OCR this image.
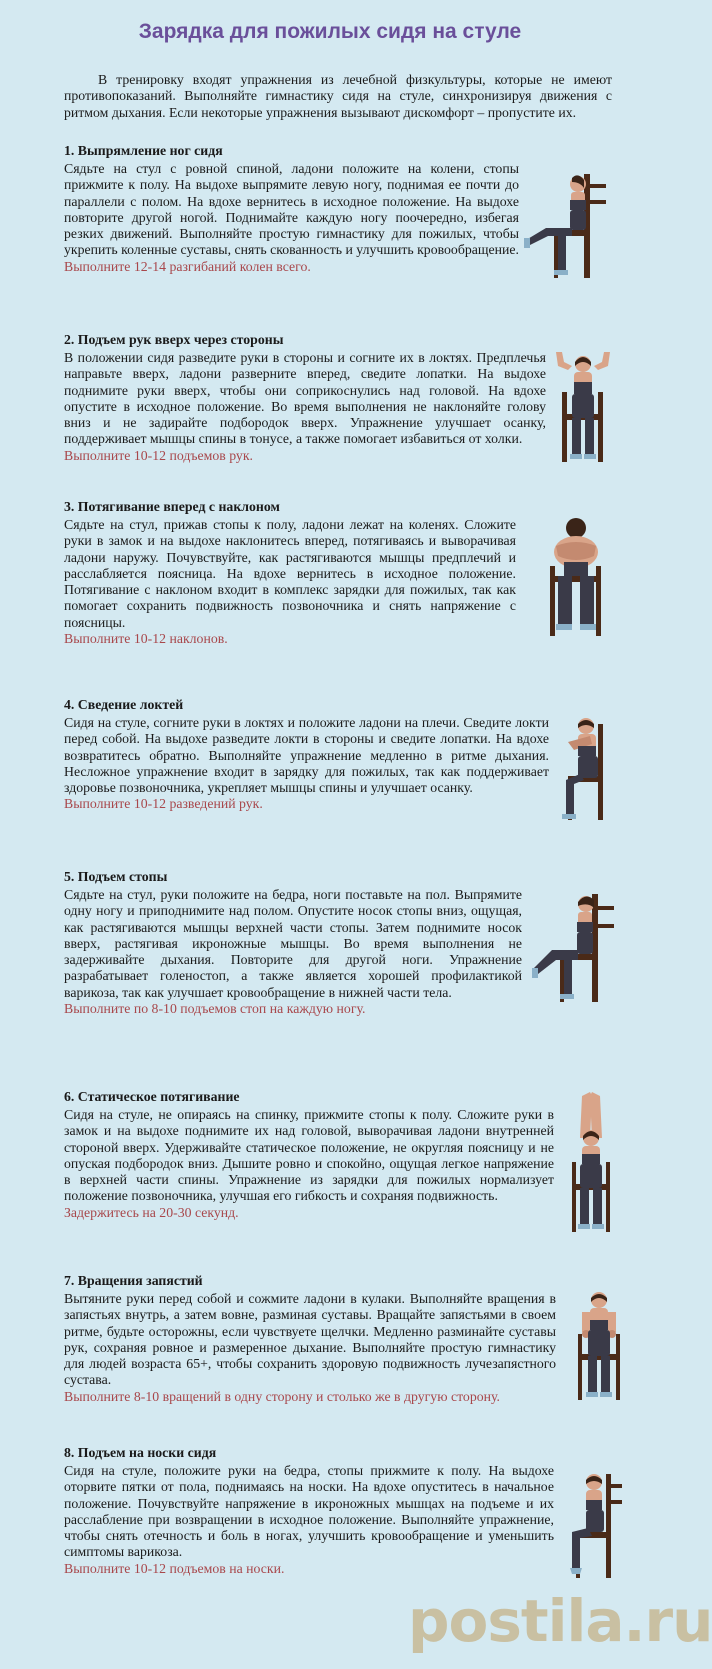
Зарядка для пожилых сидя на стуле

В тренировку входят упражнения из лечебной физкультуры, которые не имеют противопоказаний. Выполняйте гимнастику сидя на стуле, синхронизируя движения с ритмом дыхания. Если некоторые упражнения вызывают дискомфорт – пропустите их.

1. Выпрямление ног сидя

Сядьте на стул с ровной спиной, ладони положите на колени, стопы прижмите к полу. На выдохе выпрямите левую ногу, поднимая ее почти до параллели с полом. На вдохе вернитесь в исходное положение. На выдохе повторите другой ногой. Поднимайте каждую ногу поочередно, избегая резких движений. Выполняйте простую гимнастику для пожилых, чтобы укрепить коленные суставы, снять скованность и улучшить кровообращение.

Выполните 12-14 разгибаний колен всего.

2. Подъем рук вверх через стороны

В положении сидя разведите руки в стороны и согните их в локтях. Предплечья направьте вверх, ладони разверните вперед, сведите лопатки. На выдохе поднимите руки вверх, чтобы они соприкоснулись над головой. На вдохе опустите в исходное положение. Во время выполнения не наклоняйте голову вниз и не задирайте подбородок вверх. Упражнение улучшает осанку, поддерживает мышцы спины в тонусе, а также помогает избавиться от холки.

Выполните 10-12 подъемов рук.

3. Потягивание вперед с наклоном

Сядьте на стул, прижав стопы к полу, ладони лежат на коленях. Сложите руки в замок и на выдохе наклонитесь вперед, потягиваясь и выворачивая ладони наружу. Почувствуйте, как растягиваются мышцы предплечий и расслабляется поясница. На вдохе вернитесь в исходное положение. Потягивание с наклоном входит в комплекс зарядки для пожилых, так как помогает сохранить подвижность позвоночника и снять напряжение с поясницы.

Выполните 10-12 наклонов.

4. Сведение локтей

Сидя на стуле, согните руки в локтях и положите ладони на плечи. Сведите локти перед собой. На выдохе разведите локти в стороны и сведите лопатки. На вдохе возвратитесь обратно. Выполняйте упражнение медленно в ритме дыхания. Несложное упражнение входит в зарядку для пожилых, так как поддерживает здоровье позвоночника, укрепляет мышцы спины и улучшает осанку.

Выполните 10-12 разведений рук.

5. Подъем стопы

Сядьте на стул, руки положите на бедра, ноги поставьте на пол. Выпрямите одну ногу и приподнимите над полом. Опустите носок стопы вниз, ощущая, как растягиваются мышцы верхней части стопы. Затем поднимите носок вверх, растягивая икроножные мышцы. Во время выполнения не задерживайте дыхания. Повторите для другой ноги. Упражнение разрабатывает голеностоп, а также является хорошей профилактикой варикоза, так как улучшает кровообращение в нижней части тела.

Выполните по 8-10 подъемов стоп на каждую ногу.

6. Статическое потягивание

Сидя на стуле, не опираясь на спинку, прижмите стопы к полу. Сложите руки в замок и на выдохе поднимите их над головой, выворачивая ладони внутренней стороной вверх. Удерживайте статическое положение, не округляя поясницу и не опуская подбородок вниз. Дышите ровно и спокойно, ощущая легкое напряжение в верхней части спины. Упражнение из зарядки для пожилых нормализует положение позвоночника, улучшая его гибкость и сохраняя подвижность.

Задержитесь на 20-30 секунд.

7. Вращения запястий

Вытяните руки перед собой и сожмите ладони в кулаки. Выполняйте вращения в запястьях внутрь, а затем вовне, разминая суставы. Вращайте запястьями в своем ритме, будьте осторожны, если чувствуете щелчки. Медленно разминайте суставы рук, сохраняя ровное и размеренное дыхание. Выполняйте простую гимнастику для людей возраста 65+, чтобы сохранить здоровую подвижность лучезапястного сустава.

Выполните 8-10 вращений в одну сторону и столько же в другую сторону.

8. Подъем на носки сидя

Сидя на стуле, положите руки на бедра, стопы прижмите к полу. На выдохе оторвите пятки от пола, поднимаясь на носки. На вдохе опуститесь в начальное положение. Почувствуйте напряжение в икроножных мышцах на подъеме и их расслабление при возвращении в исходное положение. Выполняйте упражнение, чтобы снять отечность и боль в ногах, улучшить кровообращение и уменьшить симптомы варикоза.

Выполните 10-12 подъемов на носки.

postila.ru
